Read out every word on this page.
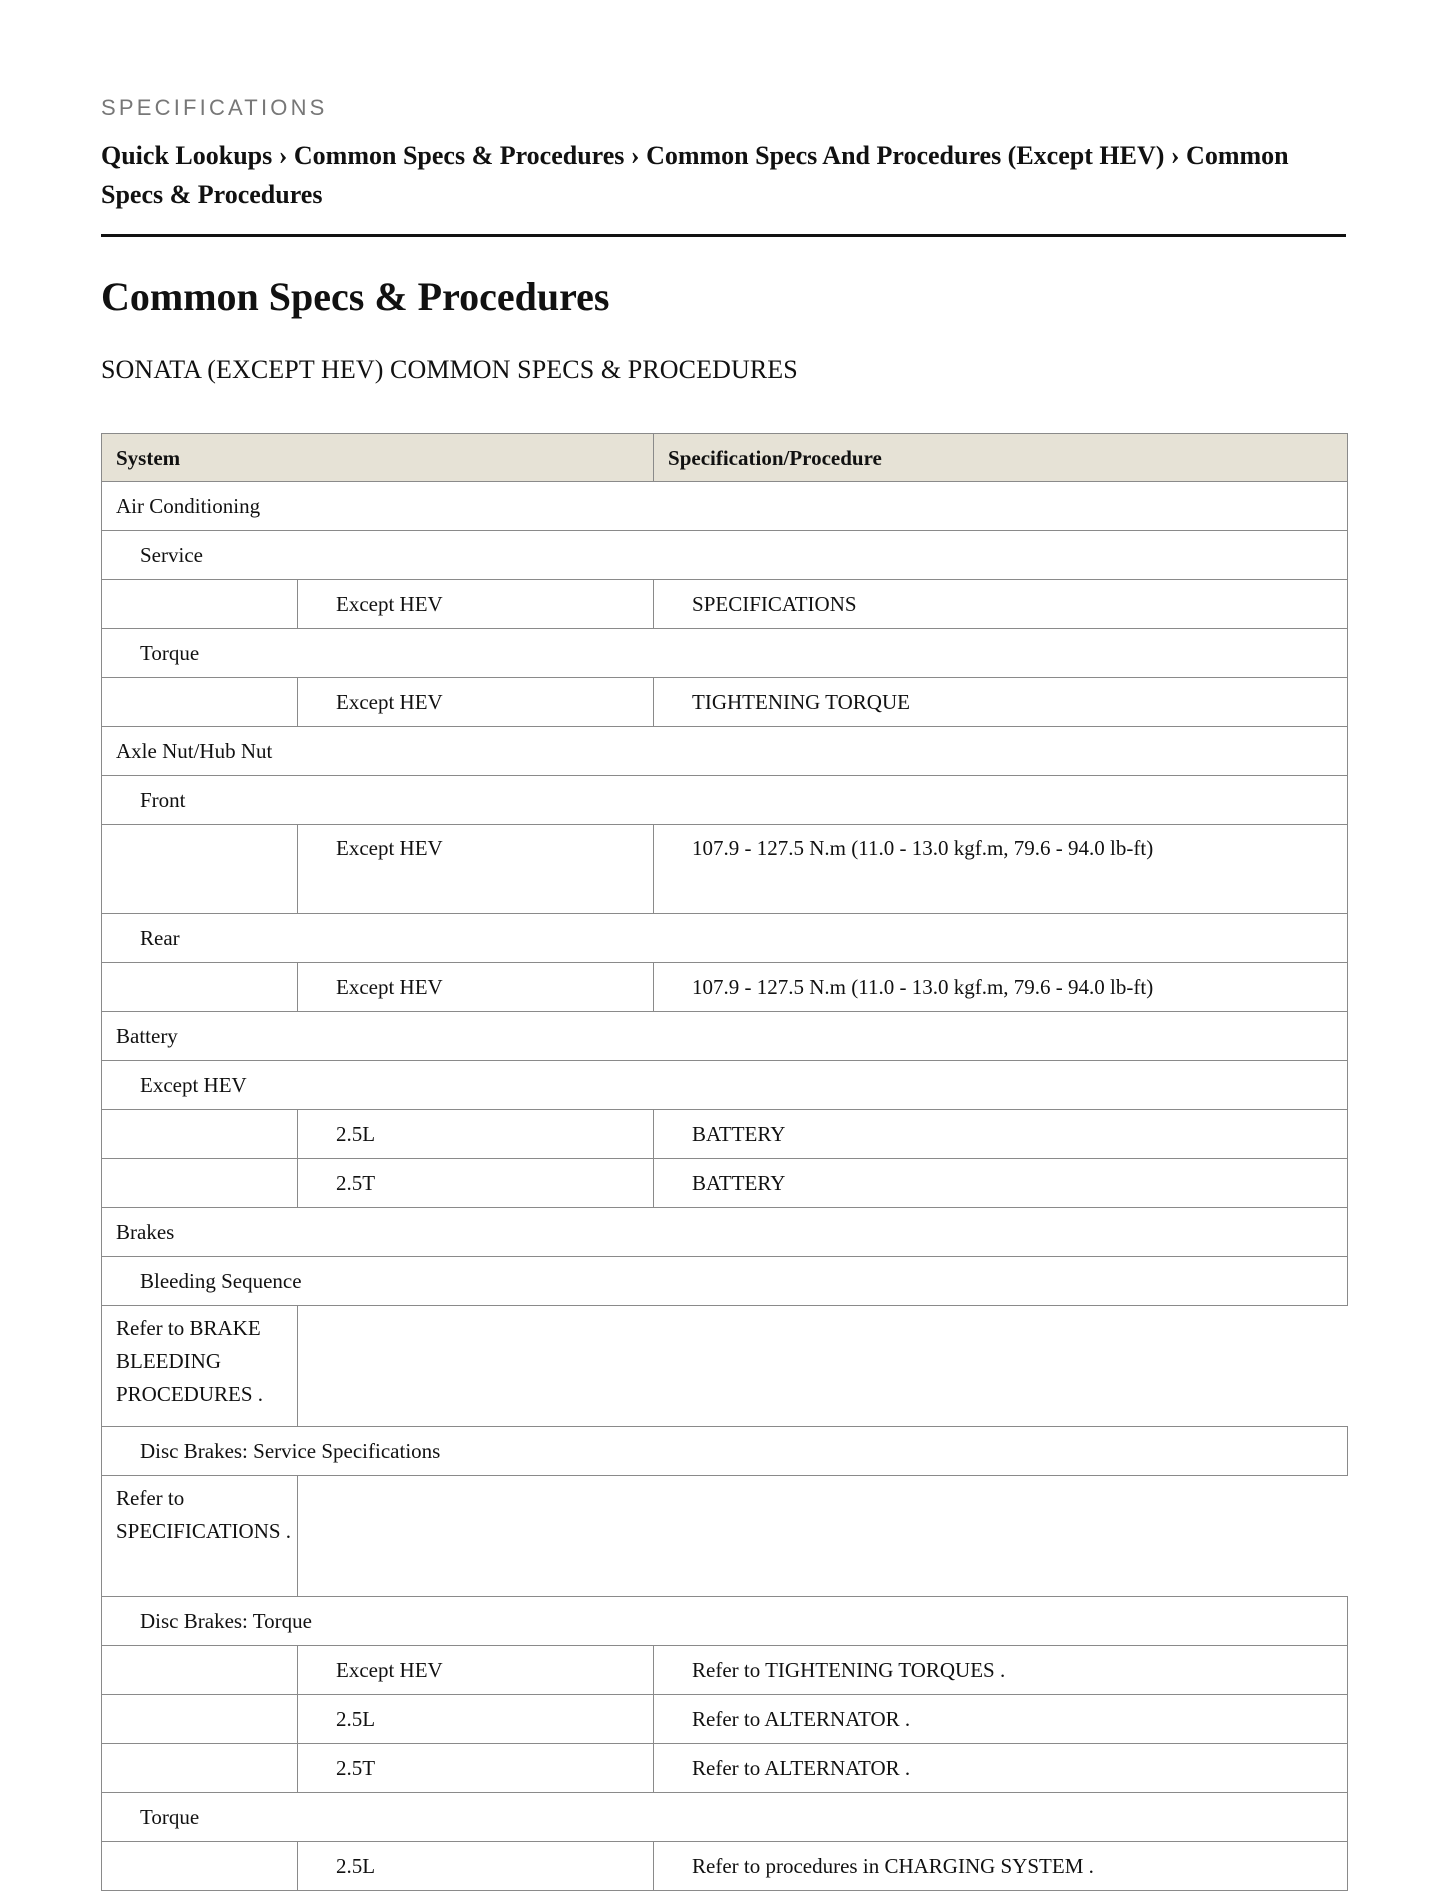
SPECIFICATIONS
Quick Lookups › Common Specs & Procedures › Common Specs And Procedures (Except HEV) › Common Specs & Procedures
Common Specs & Procedures
SONATA (EXCEPT HEV) COMMON SPECS & PROCEDURES
System		Specification/Procedure
Air Conditioning		
Service		
	Except HEV	SPECIFICATIONS
Torque		
	Except HEV	TIGHTENING TORQUE
Axle Nut/Hub Nut		
Front		
	Except HEV	107.9 - 127.5 N.m (11.0 - 13.0 kgf.m, 79.6 - 94.0 lb-ft)
Rear		
	Except HEV	107.9 - 127.5 N.m (11.0 - 13.0 kgf.m, 79.6 - 94.0 lb-ft)
Battery		
Except HEV		
	2.5L	BATTERY
	2.5T	BATTERY
Brakes		
Bleeding Sequence		
Refer to BRAKE BLEEDING PROCEDURES .		
Disc Brakes: Service Specifications		
Refer to SPECIFICATIONS .		
Disc Brakes: Torque		
	Except HEV	Refer to TIGHTENING TORQUES .
	2.5L	Refer to ALTERNATOR .
	2.5T	Refer to ALTERNATOR .
Torque		
	2.5L	Refer to procedures in CHARGING SYSTEM .
